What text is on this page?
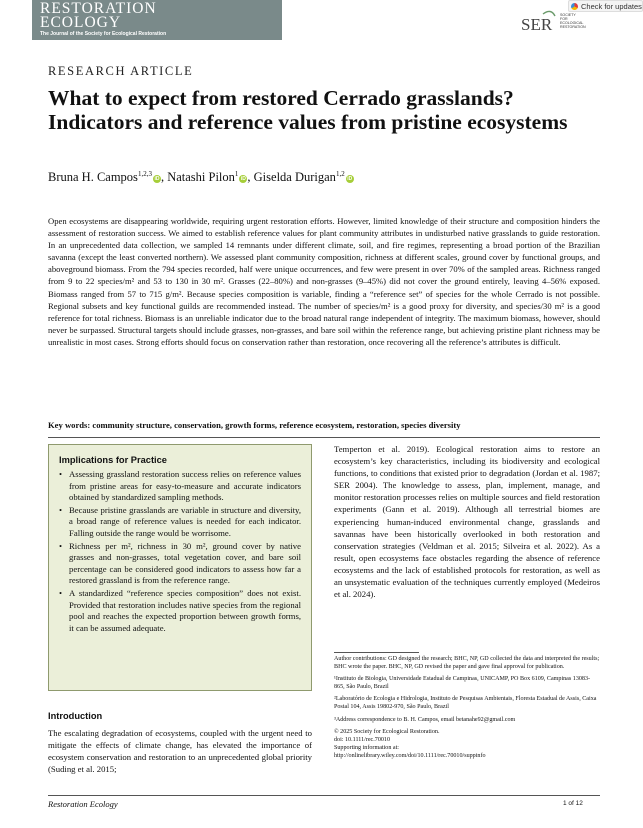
RESTORATION
ECOLOGY
The Journal of the Society for Ecological Restoration	SER SOCIETY FOR ECOLOGICAL RESTORATION
Check for updates
RESEARCH ARTICLE
What to expect from restored Cerrado grasslands? Indicators and reference values from pristine ecosystems
Bruna H. Campos$^{1,2,3}$iD , Natashi Pilon$^1$iD , Giselda Durigan$^{1,2}$iD
Open ecosystems are disappearing worldwide, requiring urgent restoration efforts. However, limited knowledge of their structure and composition hinders the assessment of restoration success. We aimed to establish reference values for plant community attributes in undisturbed native grasslands to guide restoration. In an unprecedented data collection, we sampled 14 remnants under different climate, soil, and fire regimes, representing a broad portion of the Brazilian savanna (except the least converted northern). We assessed plant community composition, richness at different scales, ground cover by functional groups, and aboveground biomass. From the 794 species recorded, half were unique occurrences, and few were present in over 70% of the sampled areas. Richness ranged from 9 to 22 species/m² and 53 to 130 in 30 m². Grasses (22–80%) and non-grasses (9–45%) did not cover the ground entirely, leaving 4–56% exposed. Biomass ranged from 57 to 715 g/m². Because species composition is variable, finding a “reference set” of species for the whole Cerrado is not possible. Regional subsets and key functional guilds are recommended instead. The number of species/m² is a good proxy for diversity, and species/30 m² is a good reference for total richness. Biomass is an unreliable indicator due to the broad natural range independent of integrity. The maximum biomass, however, should never be surpassed. Structural targets should include grasses, non-grasses, and bare soil within the reference range, but achieving pristine plant richness may be unrealistic in most cases. Strong efforts should focus on conservation rather than restoration, once recovering all the reference’s attributes is difficult.
Key words: community structure, conservation, growth forms, reference ecosystem, restoration, species diversity
Implications for Practice
• Assessing grassland restoration success relies on reference values from pristine areas for easy-to-measure and accurate indicators obtained by standardized sampling methods.
• Because pristine grasslands are variable in structure and diversity, a broad range of reference values is needed for each indicator. Falling outside the range would be worrisome.
• Richness per m², richness in 30 m², ground cover by native grasses and non-grasses, total vegetation cover, and bare soil percentage can be considered good indicators to assess how far a restored grassland is from the reference range.
• A standardized “reference species composition” does not exist. Provided that restoration includes native species from the regional pool and reaches the expected proportion between growth forms, it can be assumed adequate.
Introduction
The escalating degradation of ecosystems, coupled with the urgent need to mitigate the effects of climate change, has elevated the importance of ecosystem conservation and restoration to an unprecedented global priority (Suding et al. 2015;
Temperton et al. 2019). Ecological restoration aims to restore an ecosystem’s key characteristics, including its biodiversity and ecological functions, to conditions that existed prior to degradation (Jordan et al. 1987; SER 2004). The knowledge to assess, plan, implement, manage, and monitor restoration processes relies on multiple sources and field restoration experiments (Gann et al. 2019). Although all terrestrial biomes are experiencing human-induced environmental change, grasslands and savannas have been historically overlooked in both restoration and conservation strategies (Veldman et al. 2015; Silveira et al. 2022). As a result, open ecosystems face obstacles regarding the absence of reference ecosystems and the lack of established protocols for restoration, as well as an unsystematic evaluation of the techniques currently employed (Medeiros et al. 2024).

Author contributions: GD designed the research; BHC, NP, GD collected the data and interpreted the results; BHC wrote the paper. BHC, NP, GD revised the paper and gave final approval for publication.

¹Instituto de Biologia, Universidade Estadual de Campinas, UNICAMP, PO Box 6109, Campinas 13083-865, São Paulo, Brazil

²Laboratório de Ecologia e Hidrologia, Instituto de Pesquisas Ambientais, Floresta Estadual de Assis, Caixa Postal 104, Assis 19802-970, São Paulo, Brazil

³Address correspondence to B. H. Campos, email betanahe92@gmail.com

© 2025 Society for Ecological Restoration.
doi: 10.1111/rec.70010
Supporting information at:
http://onlinelibrary.wiley.com/doi/10.1111/rec.70010/suppinfo
Restoration Ecology	1 of 12
